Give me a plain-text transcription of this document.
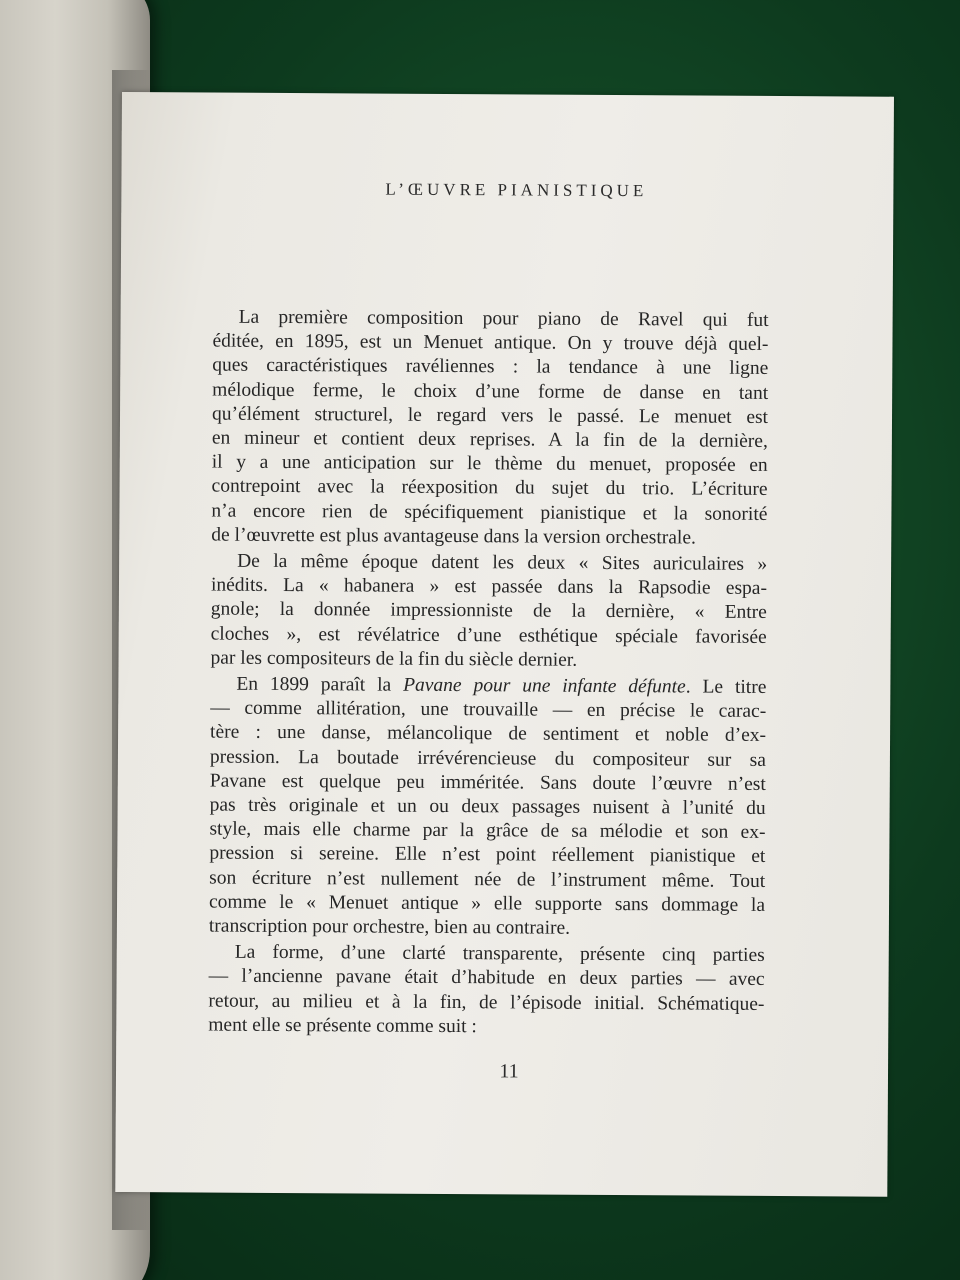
L’ŒUVRE PIANISTIQUE

La première composition pour piano de Ravel qui fut
éditée, en 1895, est un Menuet antique. On y trouve déjà quel-
ques caractéristiques ravéliennes : la tendance à une ligne
mélodique ferme, le choix d’une forme de danse en tant
qu’élément structurel, le regard vers le passé. Le menuet est
en mineur et contient deux reprises. A la fin de la dernière,
il y a une anticipation sur le thème du menuet, proposée en
contrepoint avec la réexposition du sujet du trio. L’écriture
n’a encore rien de spécifiquement pianistique et la sonorité
de l’œuvrette est plus avantageuse dans la version orchestrale.

De la même époque datent les deux « Sites auriculaires »
inédits. La « habanera » est passée dans la Rapsodie espa-
gnole; la donnée impressionniste de la dernière, « Entre
cloches », est révélatrice d’une esthétique spéciale favorisée
par les compositeurs de la fin du siècle dernier.

En 1899 paraît la Pavane pour une infante défunte. Le titre
— comme allitération, une trouvaille — en précise le carac-
tère : une danse, mélancolique de sentiment et noble d’ex-
pression. La boutade irrévérencieuse du compositeur sur sa
Pavane est quelque peu imméritée. Sans doute l’œuvre n’est
pas très originale et un ou deux passages nuisent à l’unité du
style, mais elle charme par la grâce de sa mélodie et son ex-
pression si sereine. Elle n’est point réellement pianistique et
son écriture n’est nullement née de l’instrument même. Tout
comme le « Menuet antique » elle supporte sans dommage la
transcription pour orchestre, bien au contraire.

La forme, d’une clarté transparente, présente cinq parties
— l’ancienne pavane était d’habitude en deux parties — avec
retour, au milieu et à la fin, de l’épisode initial. Schématique-
ment elle se présente comme suit :

11
